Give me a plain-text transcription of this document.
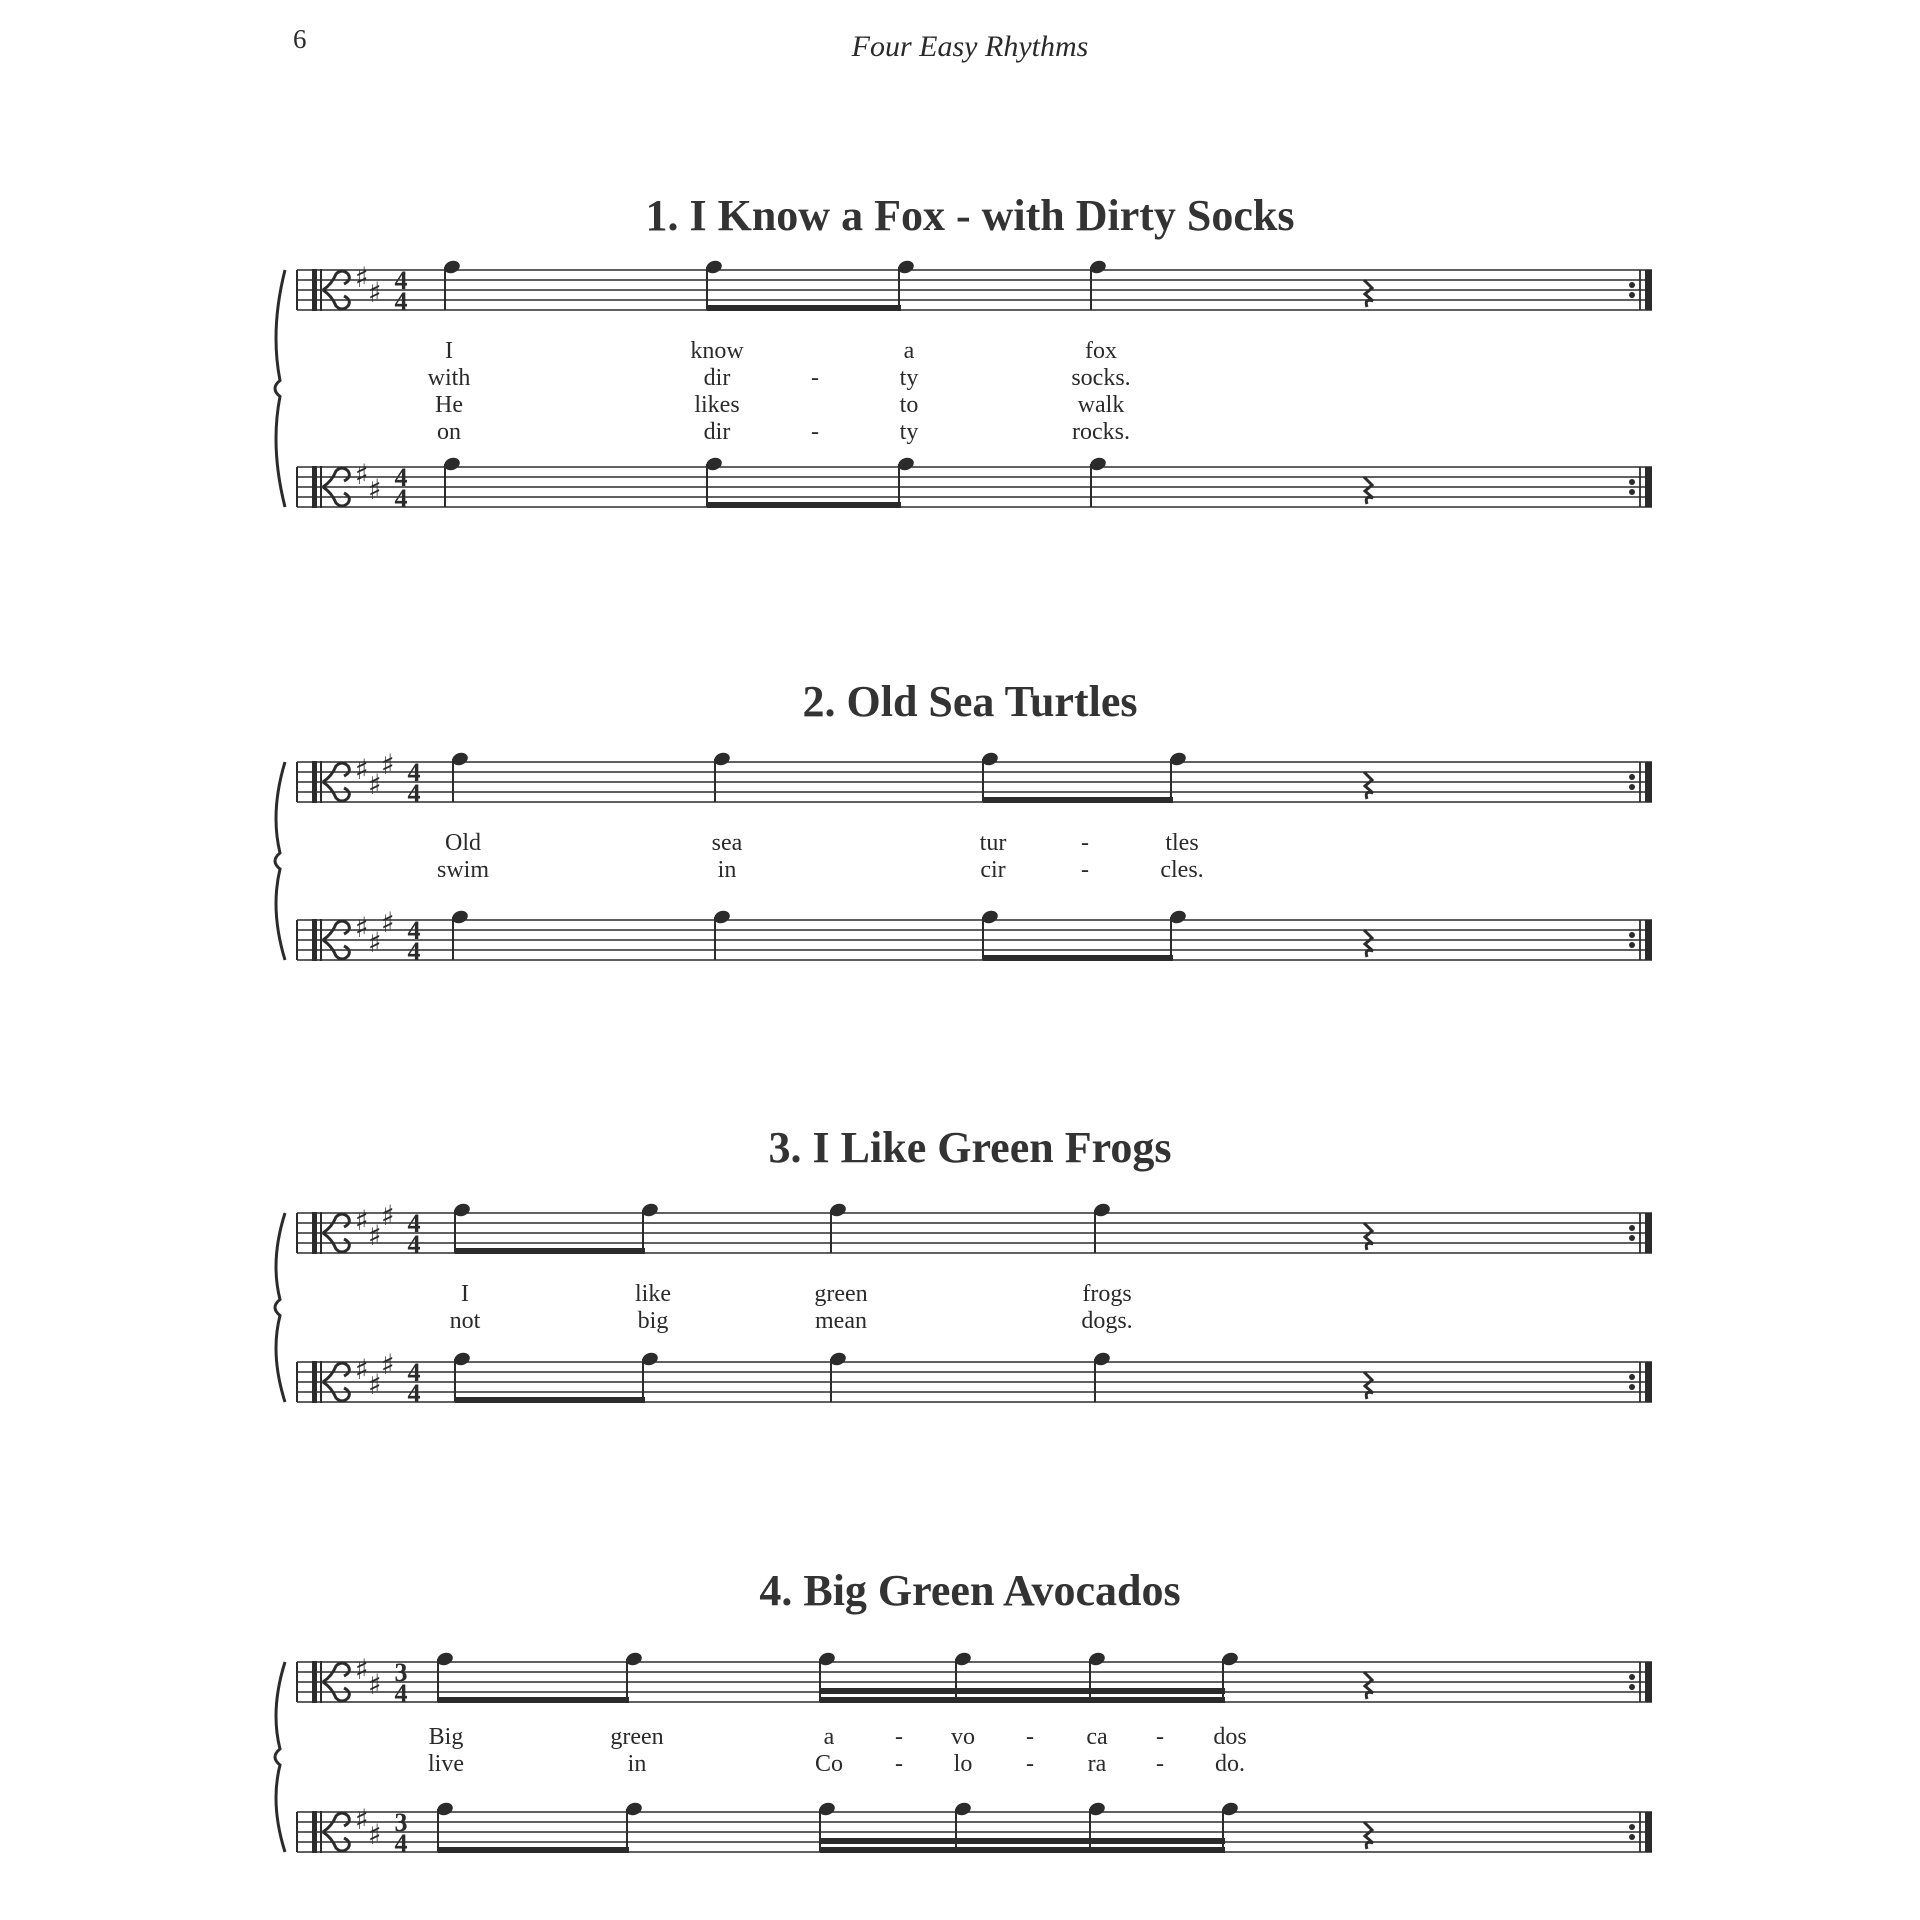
6	Four Easy Rhythms
1. I Know a Fox - with Dirty Socks
2. Old Sea Turtles
3. I Like Green Frogs
4. Big Green Avocados
I	know	a	fox
with	dir	-	ty	socks.
He	likes	to	walk
on	dir	-	ty	rocks.
Old	sea	tur	-	tles
swim	in	cir	-	cles.
I	like	green	frogs
not	big	mean	dogs.
Big	green	a	-	vo	-	ca	-	dos
live	in	Co	-	lo	-	ra	-	do.
♯ ♯ 4
4
♯ ♯ 4
4
♯ ♯
♯ 4
4
♯ ♯
♯ 4
4
♯ ♯
♯ 4
4
♯ ♯
♯ 4
4
♯ ♯ 3
4
♯ ♯ 3
4
